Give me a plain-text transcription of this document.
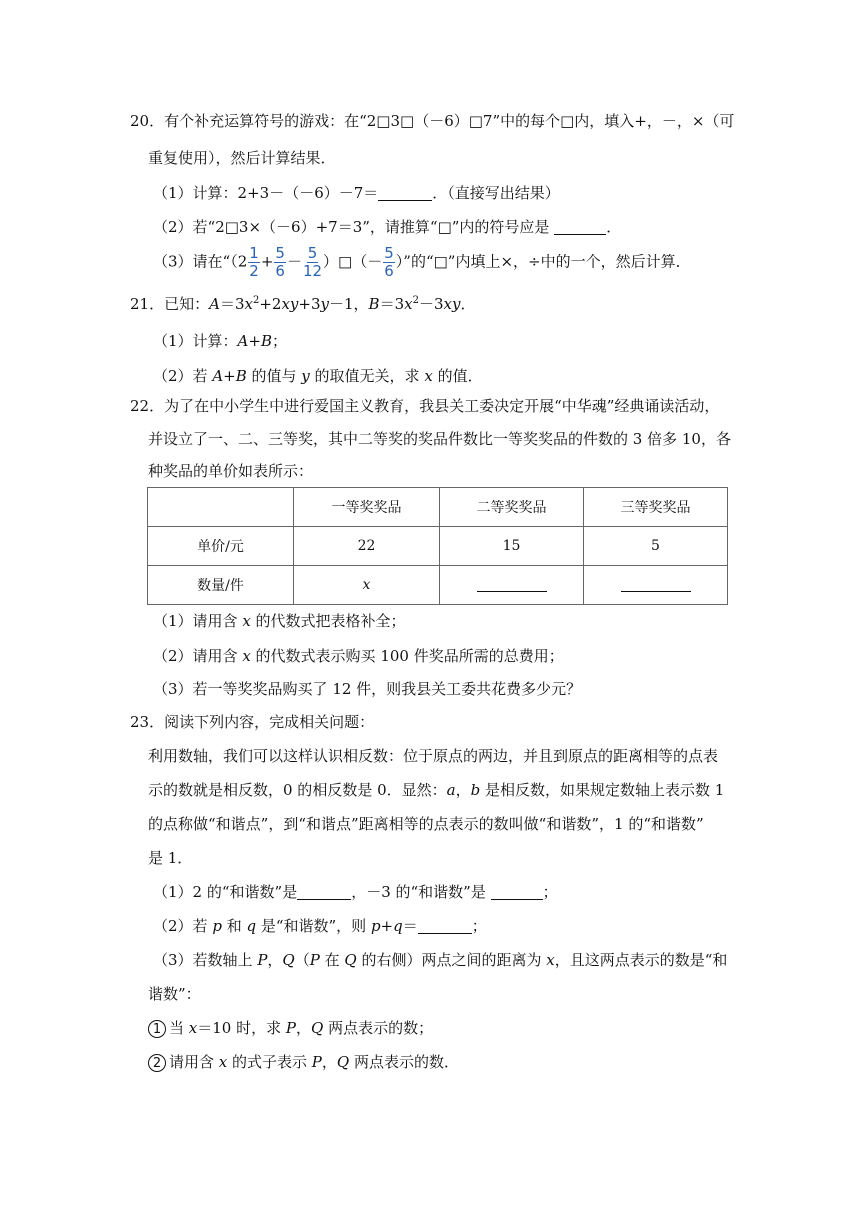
20．有个补充运算符号的游戏：在“2□3□（－6）□7”中的每个□内，填入+，－，×（可
重复使用），然后计算结果．
（1）计算：2+3－（－6）－7＝	．（直接写出结果）
（2）若“2□3×（－6）+7＝3”，请推算“□”内的符号应是	．
（3）请在“（$2 \frac{1}{2} + \frac{5}{6} - \frac{5}{12}$ ）□（－ $\frac{5}{6}$ ）”的“□”内填上×，÷中的一个，然后计算．
21．已知：$A=3x^2+2xy+3y-1$，$B=3x^2-3xy$．
（1）计算：A+B；
（2）若 A+B 的值与 y 的取值无关，求 x 的值．
22．为了在中小学生中进行爱国主义教育，我县关工委决定开展“中华魂”经典诵读活动，
并设立了一、二、三等奖，其中二等奖的奖品件数比一等奖奖品的件数的 3 倍多 10，各
种奖品的单价如表所示：
	一等奖奖品	二等奖奖品	三等奖奖品
单价/元	22	15	5
数量/件	x		
（1）请用含 x 的代数式把表格补全；
（2）请用含 x 的代数式表示购买 100 件奖品所需的总费用；
（3）若一等奖奖品购买了 12 件，则我县关工委共花费多少元？
23．阅读下列内容，完成相关问题：
利用数轴，我们可以这样认识相反数：位于原点的两边，并且到原点的距离相等的点表
示的数就是相反数，0 的相反数是 0．显然：a，b 是相反数，如果规定数轴上表示数 1
的点称做“和谐点”，到“和谐点”距离相等的点表示的数叫做“和谐数”，1 的“和谐数”
是 1．
（1）2 的“和谐数”是	，－3 的“和谐数”是	；
（2）若 p 和 q 是“和谐数”，则 p+q＝	；
（3）若数轴上 P，Q（P 在 Q 的右侧）两点之间的距离为 x，且这两点表示的数是“和
谐数”：
1 当 x＝10 时，求 P，Q 两点表示的数；
2 请用含 x 的式子表示 P，Q 两点表示的数．
